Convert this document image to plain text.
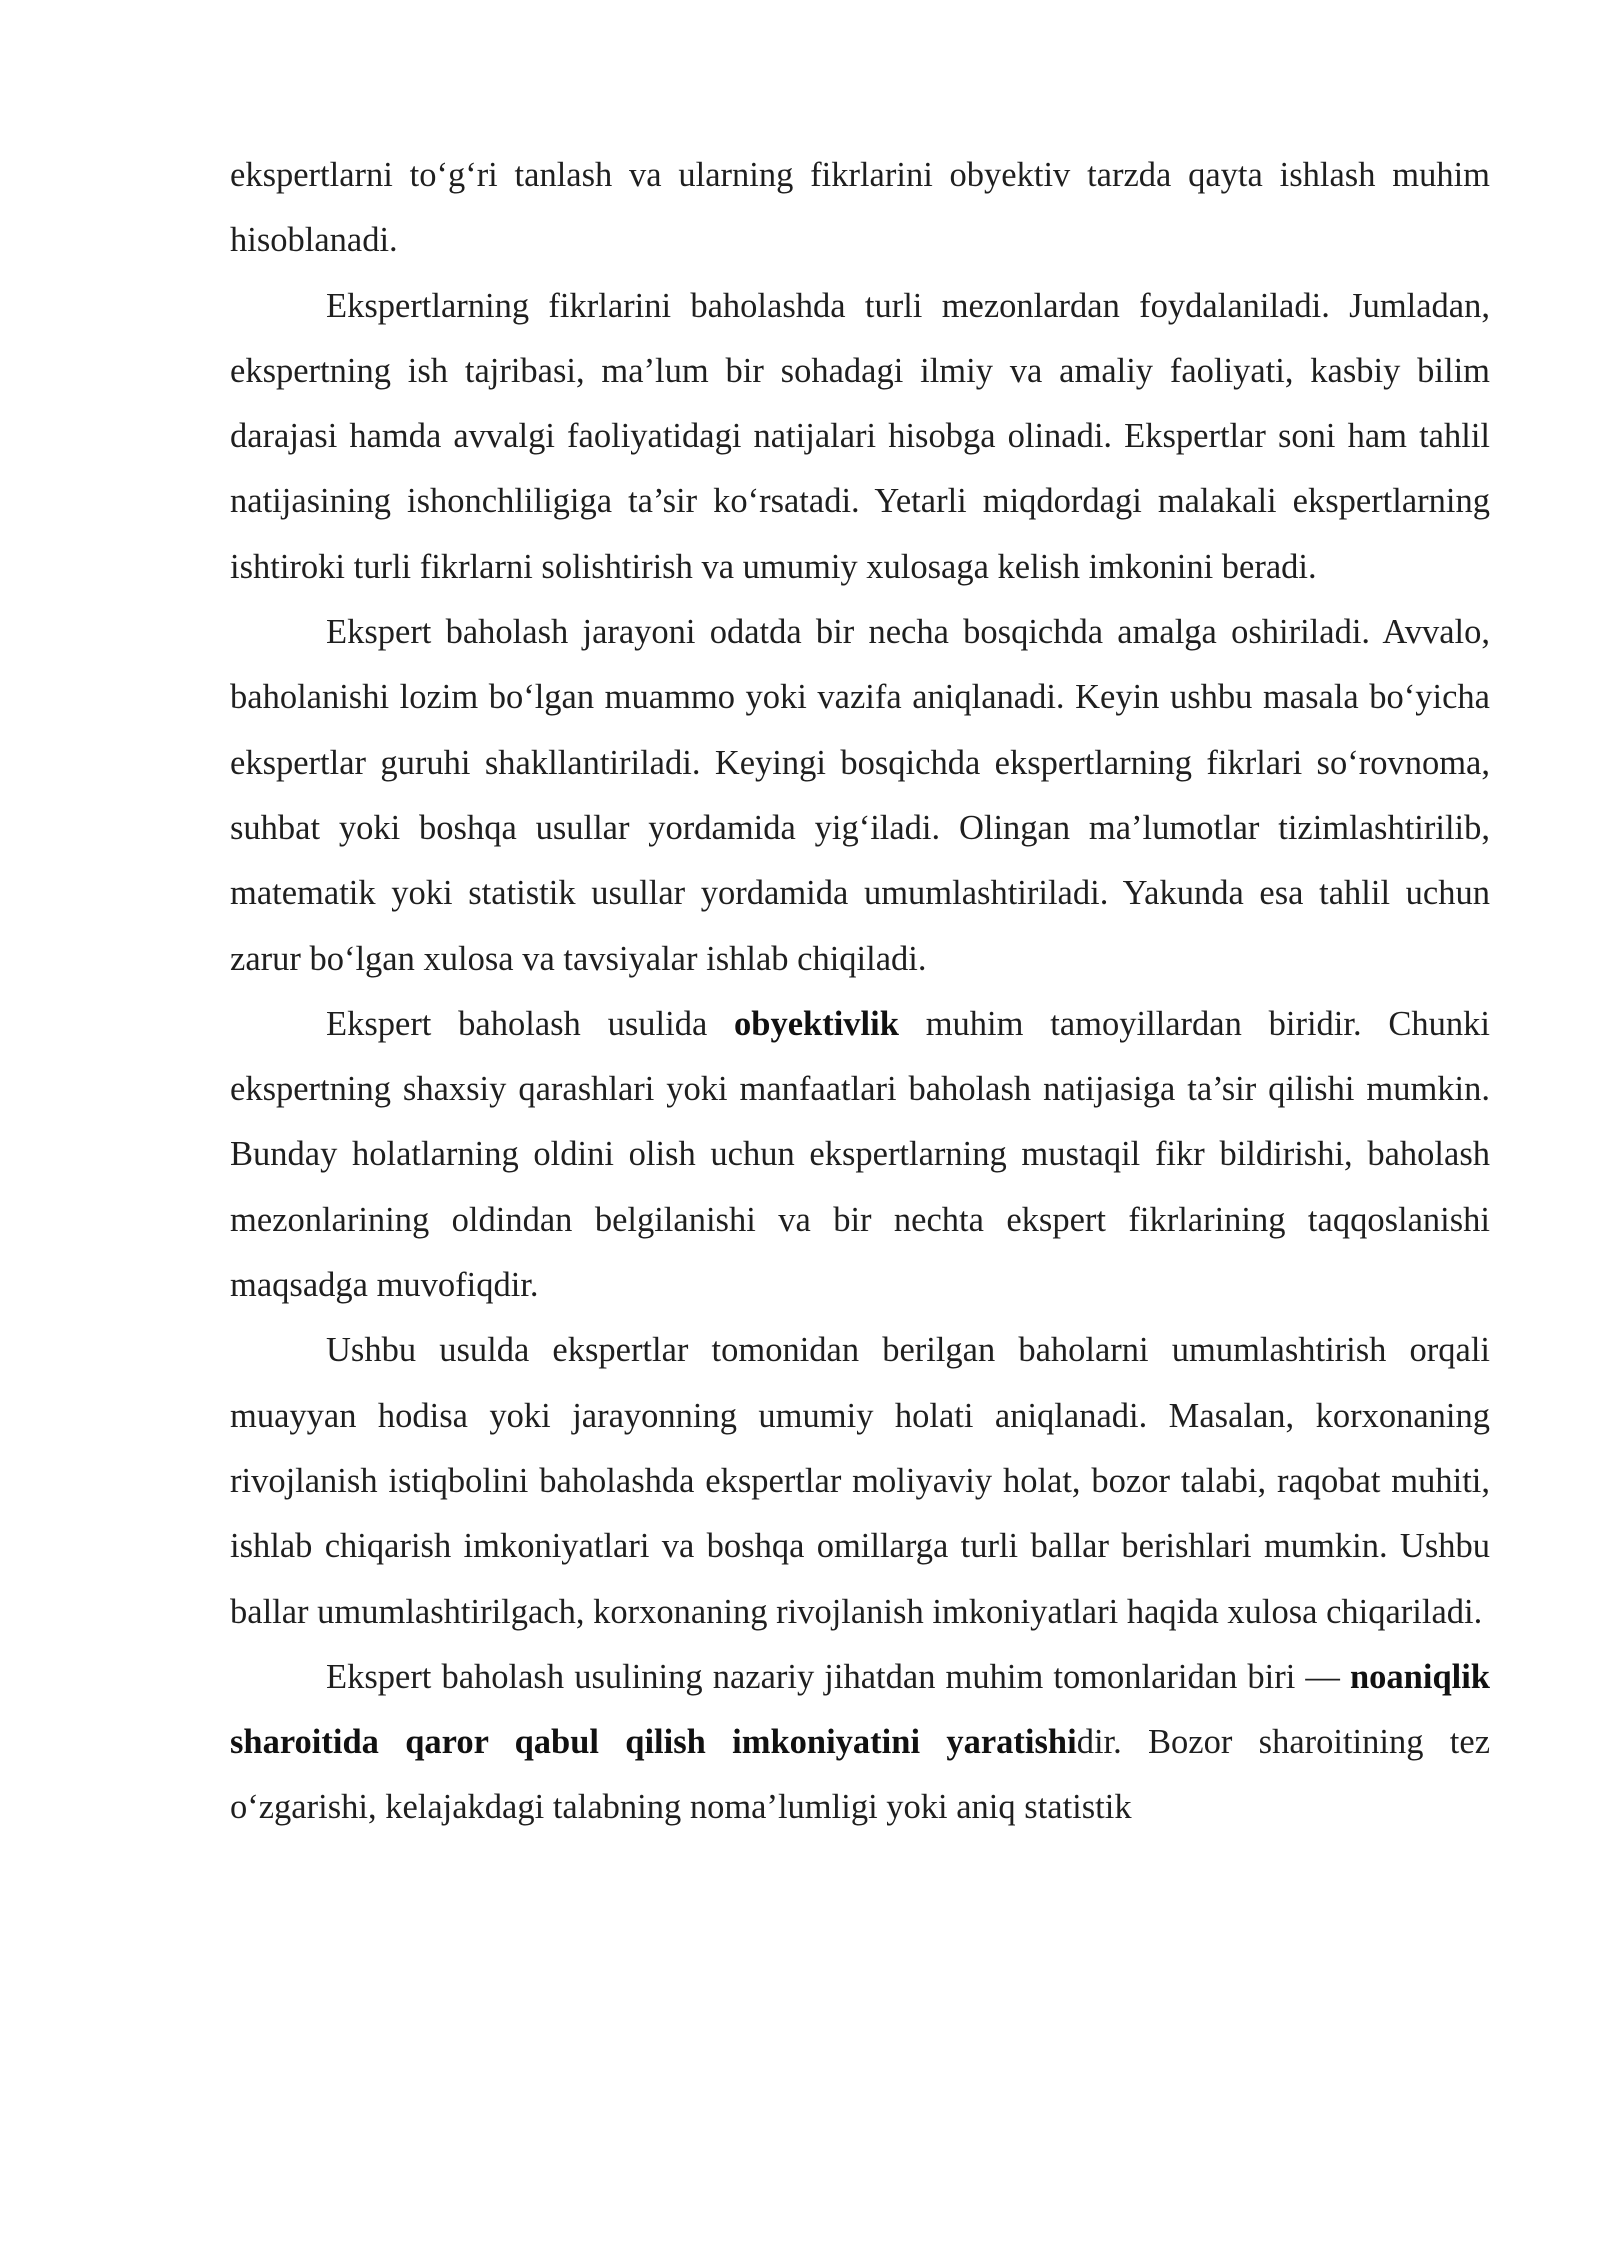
ekspertlarni to‘g‘ri tanlash va ularning fikrlarini obyektiv tarzda qayta ishlash muhim hisoblanadi.

Ekspertlarning fikrlarini baholashda turli mezonlardan foydalaniladi. Jumladan, ekspertning ish tajribasi, ma’lum bir sohadagi ilmiy va amaliy faoliyati, kasbiy bilim darajasi hamda avvalgi faoliyatidagi natijalari hisobga olinadi. Ekspertlar soni ham tahlil natijasining ishonchliligiga ta’sir ko‘rsatadi. Yetarli miqdordagi malakali ekspertlarning ishtiroki turli fikrlarni solishtirish va umumiy xulosaga kelish imkonini beradi.

Ekspert baholash jarayoni odatda bir necha bosqichda amalga oshiriladi. Avvalo, baholanishi lozim bo‘lgan muammo yoki vazifa aniqlanadi. Keyin ushbu masala bo‘yicha ekspertlar guruhi shakllantiriladi. Keyingi bosqichda ekspertlarning fikrlari so‘rovnoma, suhbat yoki boshqa usullar yordamida yig‘iladi. Olingan ma’lumotlar tizimlashtirilib, matematik yoki statistik usullar yordamida umumlashtiriladi. Yakunda esa tahlil uchun zarur bo‘lgan xulosa va tavsiyalar ishlab chiqiladi.

Ekspert baholash usulida obyektivlik muhim tamoyillardan biridir. Chunki ekspertning shaxsiy qarashlari yoki manfaatlari baholash natijasiga ta’sir qilishi mumkin. Bunday holatlarning oldini olish uchun ekspertlarning mustaqil fikr bildirishi, baholash mezonlarining oldindan belgilanishi va bir nechta ekspert fikrlarining taqqoslanishi maqsadga muvofiqdir.

Ushbu usulda ekspertlar tomonidan berilgan baholarni umumlashtirish orqali muayyan hodisa yoki jarayonning umumiy holati aniqlanadi. Masalan, korxonaning rivojlanish istiqbolini baholashda ekspertlar moliyaviy holat, bozor talabi, raqobat muhiti, ishlab chiqarish imkoniyatlari va boshqa omillarga turli ballar berishlari mumkin. Ushbu ballar umumlashtirilgach, korxonaning rivojlanish imkoniyatlari haqida xulosa chiqariladi.

Ekspert baholash usulining nazariy jihatdan muhim tomonlaridan biri — noaniqlik sharoitida qaror qabul qilish imkoniyatini yaratishidir. Bozor sharoitining tez o‘zgarishi, kelajakdagi talabning noma’lumligi yoki aniq statistik
